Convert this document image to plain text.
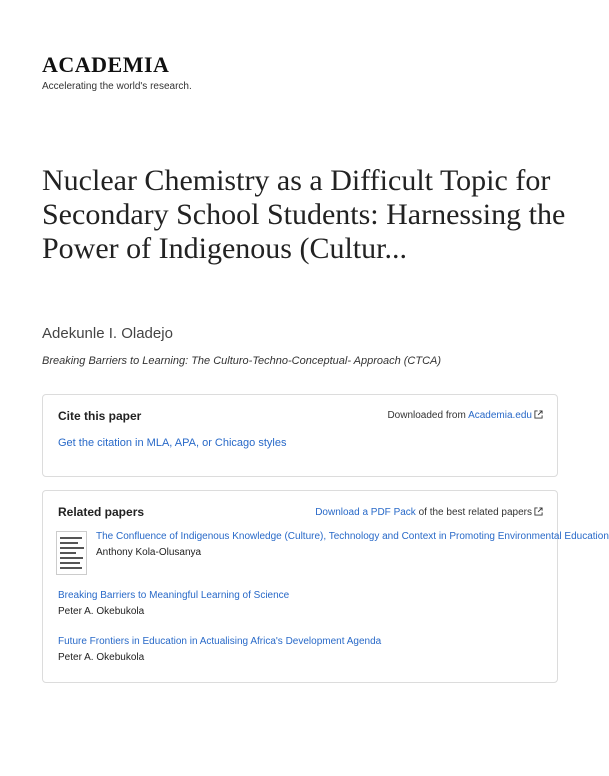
ACADEMIA
Accelerating the world's research.
Nuclear Chemistry as a Difficult Topic for Secondary School Students: Harnessing the Power of Indigenous (Cultur...
Adekunle I. Oladejo
Breaking Barriers to Learning: The Culturo-Techno-Conceptual- Approach (CTCA)
Cite this paper	Downloaded from Academia.edu
Get the citation in MLA, APA, or Chicago styles
Related papers	Download a PDF Pack of the best related papers
The Confluence of Indigenous Knowledge (Culture), Technology and Context in Promoting Environmental Education
Anthony Kola-Olusanya
Breaking Barriers to Meaningful Learning of Science
Peter A. Okebukola
Future Frontiers in Education in Actualising Africa's Development Agenda
Peter A. Okebukola
